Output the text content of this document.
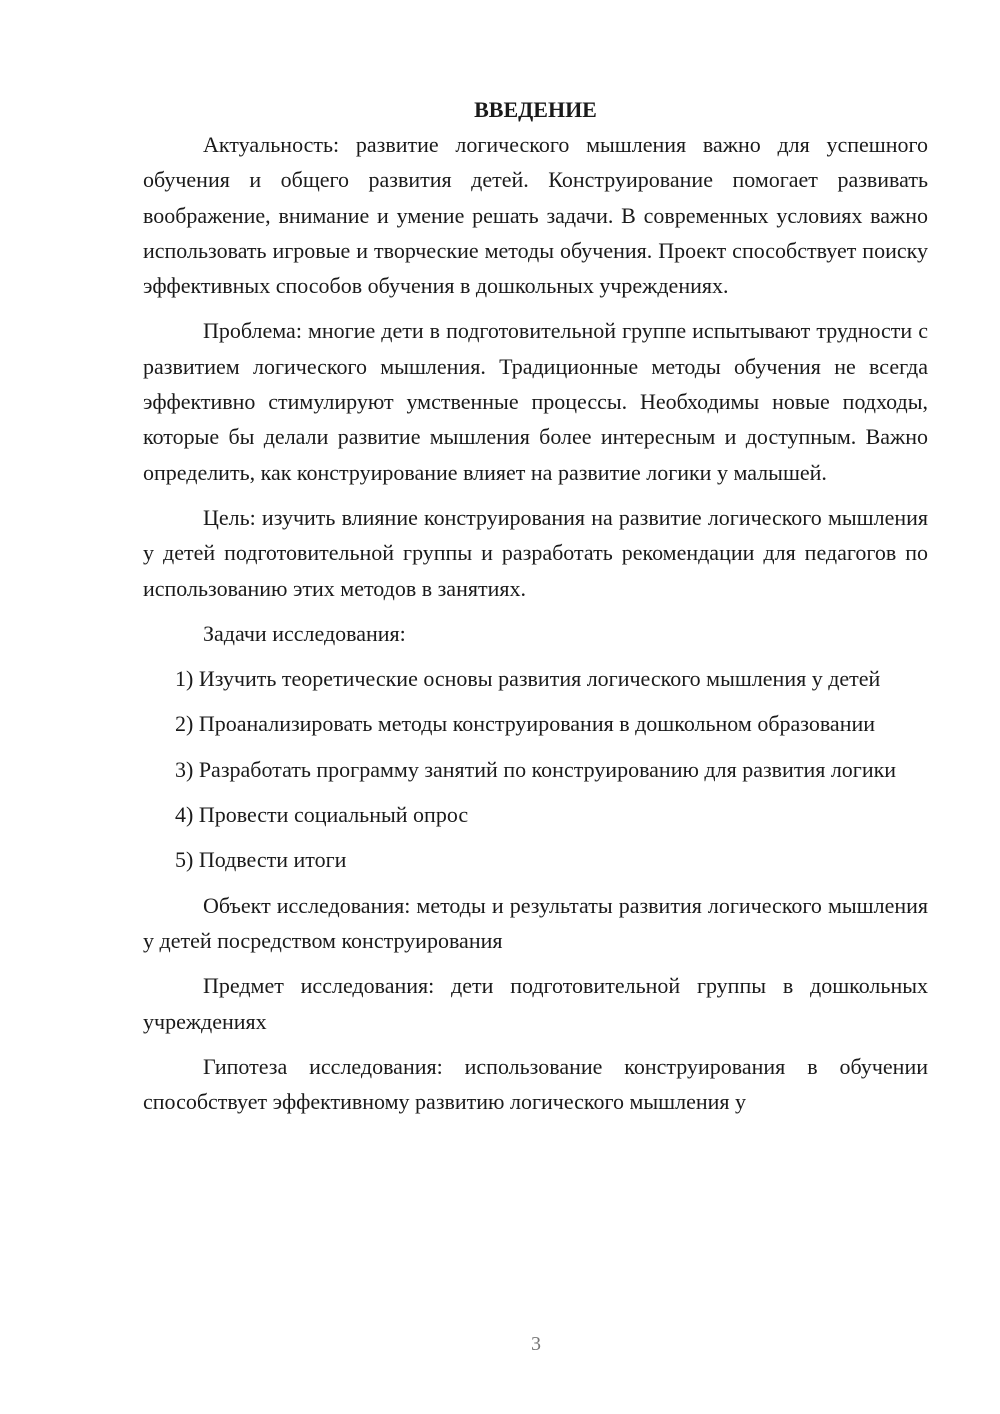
ВВЕДЕНИЕ

Актуальность: развитие логического мышления важно для успешного обучения и общего развития детей. Конструирование помогает развивать воображение, внимание и умение решать задачи. В современных условиях важно использовать игровые и творческие методы обучения. Проект способствует поиску эффективных способов обучения в дошкольных учреждениях.

Проблема: многие дети в подготовительной группе испытывают трудности с развитием логического мышления. Традиционные методы обучения не всегда эффективно стимулируют умственные процессы. Необходимы новые подходы, которые бы делали развитие мышления более интересным и доступным. Важно определить, как конструирование влияет на развитие логики у малышей.

Цель: изучить влияние конструирования на развитие логического мышления у детей подготовительной группы и разработать рекомендации для педагогов по использованию этих методов в занятиях.

Задачи исследования:

1) Изучить теоретические основы развития логического мышления у детей

2) Проанализировать методы конструирования в дошкольном образовании

3) Разработать программу занятий по конструированию для развития логики

4) Провести социальный опрос

5) Подвести итоги

Объект исследования: методы и результаты развития логического мышления у детей посредством конструирования

Предмет исследования: дети подготовительной группы в дошкольных учреждениях

Гипотеза исследования: использование конструирования в обучении способствует эффективному развитию логического мышления у

3
